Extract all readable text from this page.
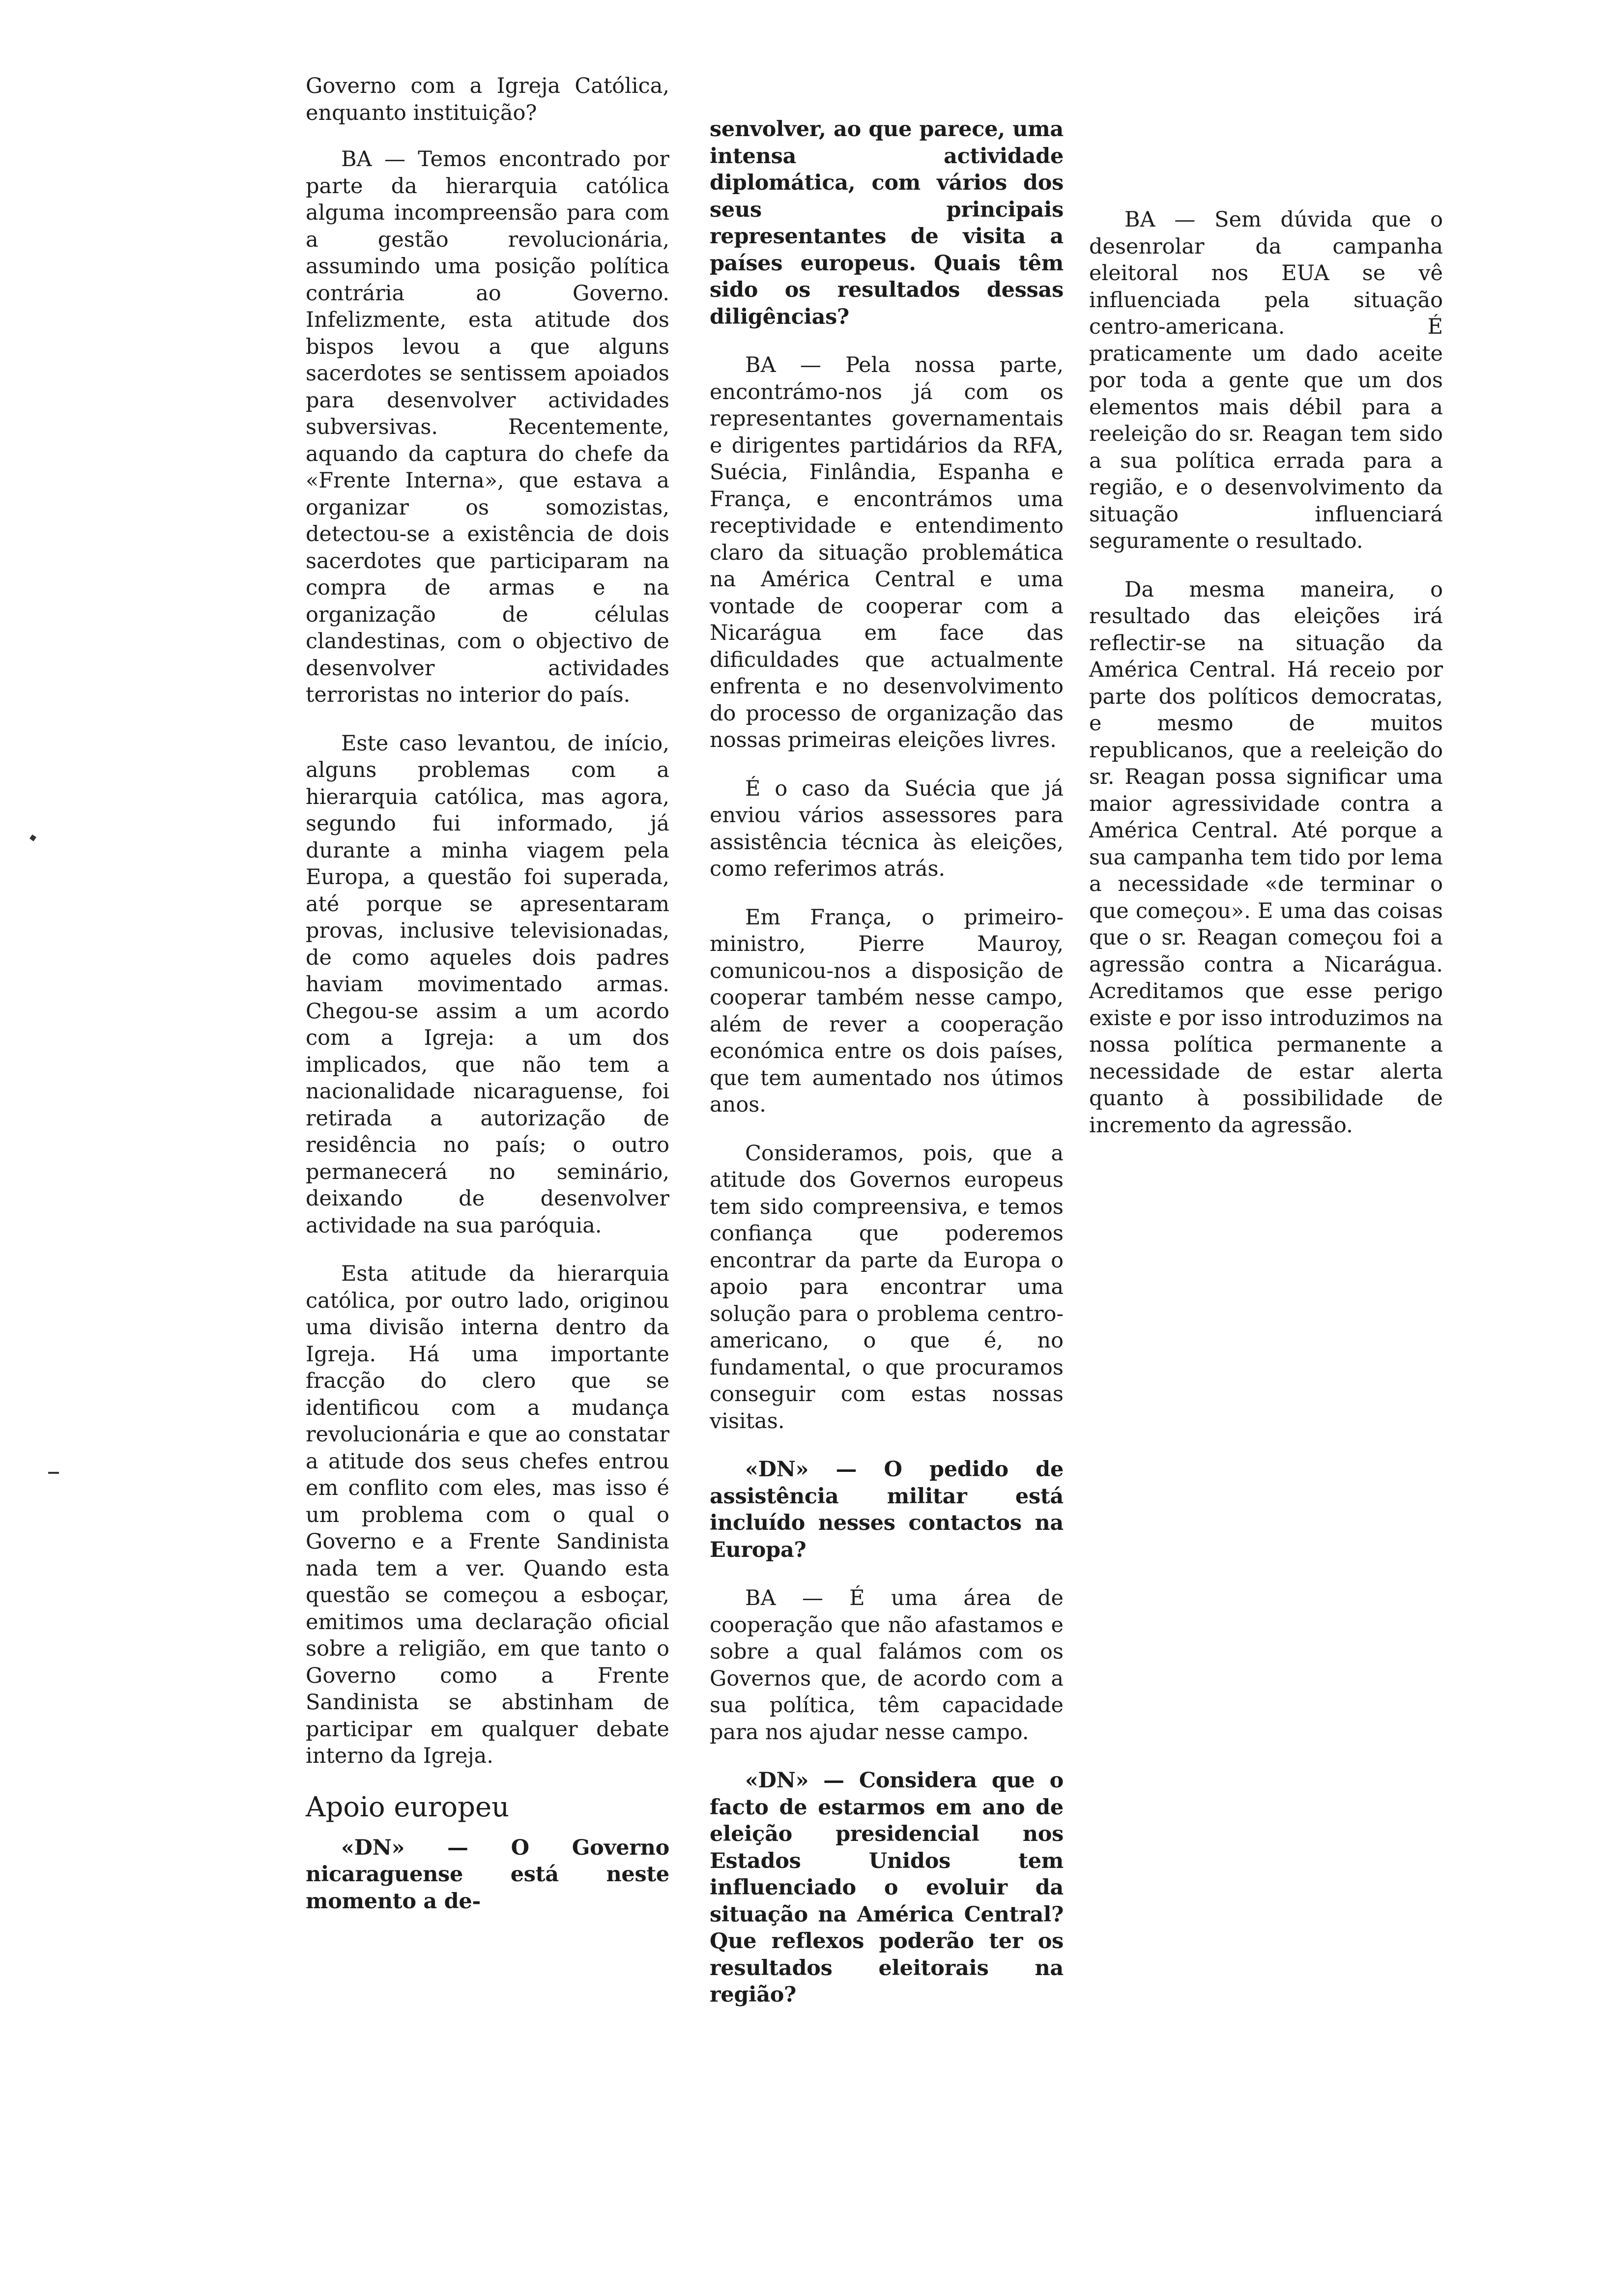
Governo com a Igreja Católica, enquanto instituição?

BA — Temos encontrado por parte da hierarquia católica alguma incompreensão para com a gestão revolucionária, assumindo uma posição política contrária ao Governo. Infelizmente, esta atitude dos bispos levou a que alguns sacerdotes se sentissem apoiados para desenvolver actividades subversivas. Recentemente, aquando da captura do chefe da «Frente Interna», que estava a organizar os somozistas, detectou-se a existência de dois sacerdotes que participaram na compra de armas e na organização de células clandestinas, com o objectivo de desenvolver actividades terroristas no interior do país.

Este caso levantou, de início, alguns problemas com a hierarquia católica, mas agora, segundo fui informado, já durante a minha viagem pela Europa, a questão foi superada, até porque se apresentaram provas, inclusive televisionadas, de como aqueles dois padres haviam movimentado armas. Chegou-se assim a um acordo com a Igreja: a um dos implicados, que não tem a nacionalidade nicaraguense, foi retirada a autorização de residência no país; o outro permanecerá no seminário, deixando de desenvolver actividade na sua paróquia.

Esta atitude da hierarquia católica, por outro lado, originou uma divisão interna dentro da Igreja. Há uma importante fracção do clero que se identificou com a mudança revolucionária e que ao constatar a atitude dos seus chefes entrou em conflito com eles, mas isso é um problema com o qual o Governo e a Frente Sandinista nada tem a ver. Quando esta questão se começou a esboçar, emitimos uma declaração oficial sobre a religião, em que tanto o Governo como a Frente Sandinista se abstinham de participar em qualquer debate interno da Igreja.

Apoio europeu

«DN» — O Governo nicaraguense está neste momento a de-

senvolver, ao que parece, uma intensa actividade diplomática, com vários dos seus principais representantes de visita a países europeus. Quais têm sido os resultados dessas diligências?

BA — Pela nossa parte, encontrámo-nos já com os representantes governamentais e dirigentes partidários da RFA, Suécia, Finlândia, Espanha e França, e encontrámos uma receptividade e entendimento claro da situação problemática na América Central e uma vontade de cooperar com a Nicarágua em face das dificuldades que actualmente enfrenta e no desenvolvimento do processo de organização das nossas primeiras eleições livres.

É o caso da Suécia que já enviou vários assessores para assistência técnica às eleições, como referimos atrás.

Em França, o primeiro-ministro, Pierre Mauroy, comunicou-nos a disposição de cooperar também nesse campo, além de rever a cooperação económica entre os dois países, que tem aumentado nos útimos anos.

Consideramos, pois, que a atitude dos Governos europeus tem sido compreensiva, e temos confiança que poderemos encontrar da parte da Europa o apoio para encontrar uma solução para o problema centro-americano, o que é, no fundamental, o que procuramos conseguir com estas nossas visitas.

«DN» — O pedido de assistência militar está incluído nesses contactos na Europa?

BA — É uma área de cooperação que não afastamos e sobre a qual falámos com os Governos que, de acordo com a sua política, têm capacidade para nos ajudar nesse campo.

«DN» — Considera que o facto de estarmos em ano de eleição presidencial nos Estados Unidos tem influenciado o evoluir da situação na América Central? Que reflexos poderão ter os resultados eleitorais na região?

BA — Sem dúvida que o desenrolar da campanha eleitoral nos EUA se vê influenciada pela situação centro-americana. É praticamente um dado aceite por toda a gente que um dos elementos mais débil para a reeleição do sr. Reagan tem sido a sua política errada para a região, e o desenvolvimento da situação influenciará seguramente o resultado.

Da mesma maneira, o resultado das eleições irá reflectir-se na situação da América Central. Há receio por parte dos políticos democratas, e mesmo de muitos republicanos, que a reeleição do sr. Reagan possa significar uma maior agressividade contra a América Central. Até porque a sua campanha tem tido por lema a necessidade «de terminar o que começou». E uma das coisas que o sr. Reagan começou foi a agressão contra a Nicarágua. Acreditamos que esse perigo existe e por isso introduzimos na nossa política permanente a necessidade de estar alerta quanto à possibilidade de incremento da agressão.
